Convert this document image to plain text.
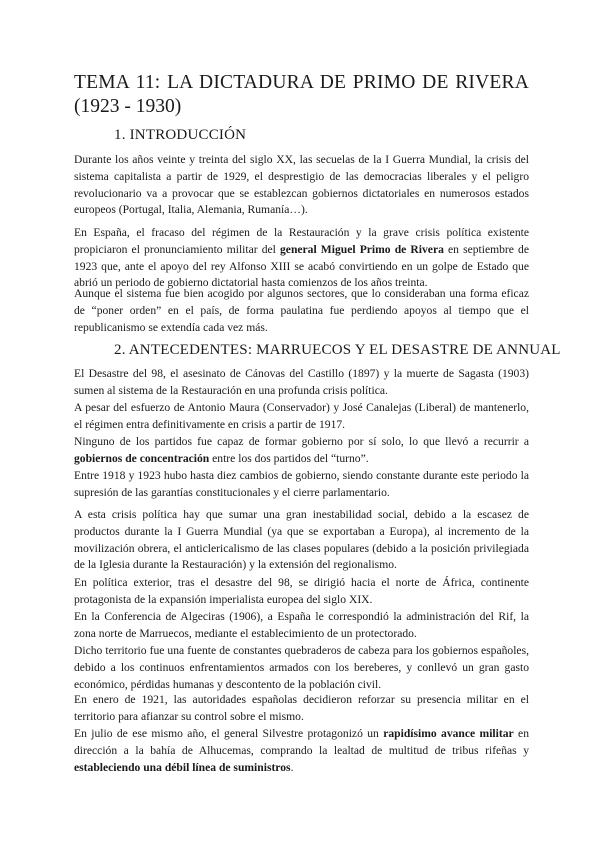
TEMA 11: LA DICTADURA DE PRIMO DE RIVERA
(1923 - 1930)
1. INTRODUCCIÓN
Durante los años veinte y treinta del siglo XX, las secuelas de la I Guerra Mundial, la crisis del sistema capitalista a partir de 1929, el desprestigio de las democracias liberales y el peligro revolucionario va a provocar que se establezcan gobiernos dictatoriales en numerosos estados europeos (Portugal, Italia, Alemania, Rumanía…).
En España, el fracaso del régimen de la Restauración y la grave crisis política existente propiciaron el pronunciamiento militar del general Miguel Primo de Rivera en septiembre de 1923 que, ante el apoyo del rey Alfonso XIII se acabó convirtiendo en un golpe de Estado que abrió un periodo de gobierno dictatorial hasta comienzos de los años treinta.
Aunque el sistema fue bien acogido por algunos sectores, que lo consideraban una forma eficaz de “poner orden” en el país, de forma paulatina fue perdiendo apoyos al tiempo que el republicanismo se extendía cada vez más.
2. ANTECEDENTES: MARRUECOS Y EL DESASTRE DE ANNUAL
El Desastre del 98, el asesinato de Cánovas del Castillo (1897) y la muerte de Sagasta (1903) sumen al sistema de la Restauración en una profunda crisis política.
A pesar del esfuerzo de Antonio Maura (Conservador) y José Canalejas (Liberal) de mantenerlo, el régimen entra definitivamente en crisis a partir de 1917.
Ninguno de los partidos fue capaz de formar gobierno por sí solo, lo que llevó a recurrir a gobiernos de concentración entre los dos partidos del “turno”.
Entre 1918 y 1923 hubo hasta diez cambios de gobierno, siendo constante durante este periodo la supresión de las garantías constitucionales y el cierre parlamentario.
A esta crisis política hay que sumar una gran inestabilidad social, debido a la escasez de productos durante la I Guerra Mundial (ya que se exportaban a Europa), al incremento de la movilización obrera, el anticlericalismo de las clases populares (debido a la posición privilegiada de la Iglesia durante la Restauración) y la extensión del regionalismo.
En política exterior, tras el desastre del 98, se dirigió hacia el norte de África, continente protagonista de la expansión imperialista europea del siglo XIX.
En la Conferencia de Algeciras (1906), a España le correspondió la administración del Rif, la zona norte de Marruecos, mediante el establecimiento de un protectorado.
Dicho territorio fue una fuente de constantes quebraderos de cabeza para los gobiernos españoles, debido a los continuos enfrentamientos armados con los bereberes, y conllevó un gran gasto económico, pérdidas humanas y descontento de la población civil.
En enero de 1921, las autoridades españolas decidieron reforzar su presencia militar en el territorio para afianzar su control sobre el mismo.
En julio de ese mismo año, el general Silvestre protagonizó un rapidísimo avance militar en dirección a la bahía de Alhucemas, comprando la lealtad de multitud de tribus rifeñas y estableciendo una débil línea de suministros.
